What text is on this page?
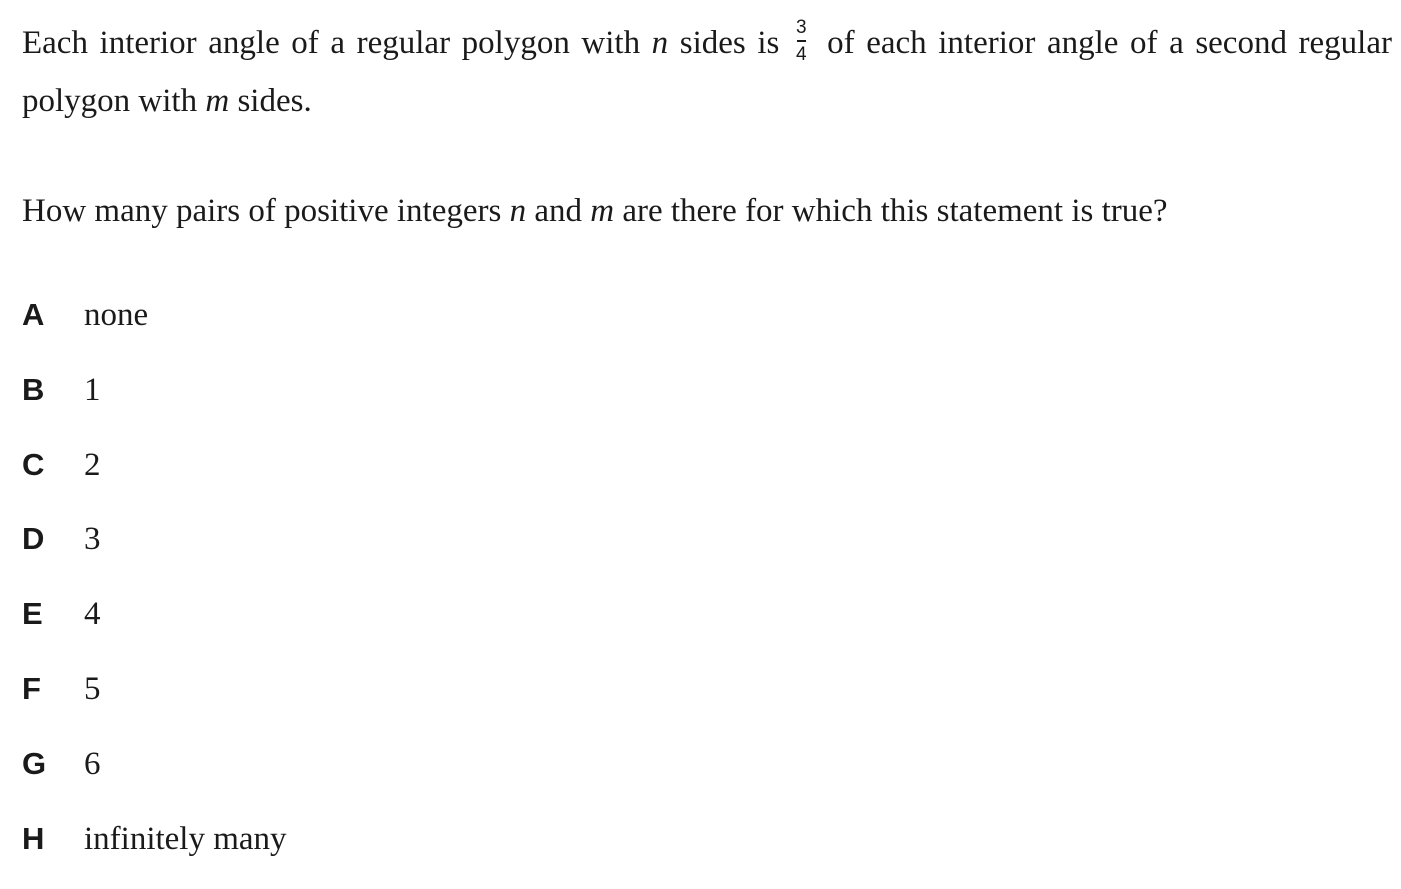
Each interior angle of a regular polygon with n sides is $\frac{3}{4}$ of each interior angle of a second regular polygon with m sides.

How many pairs of positive integers n and m are there for which this statement is true?

A	none
B	1
C	2
D	3
E	4
F	5
G	6
H	infinitely many
